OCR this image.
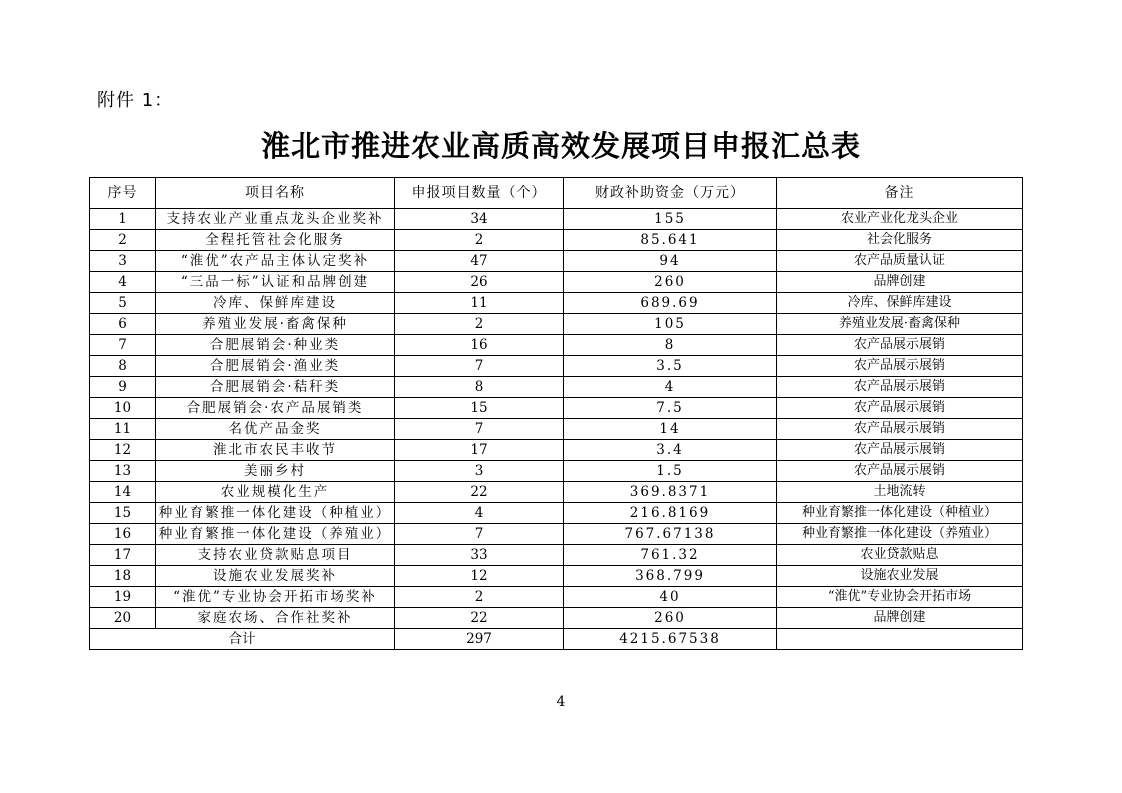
附件 1：
淮北市推进农业高质高效发展项目申报汇总表
序号	项目名称	申报项目数量（个）	财政补助资金（万元）	备注
1	支持农业产业重点龙头企业奖补	34	155	农业产业化龙头企业
2	全程托管社会化服务	2	85.641	社会化服务
3	“淮优”农产品主体认定奖补	47	94	农产品质量认证
4	“三品一标”认证和品牌创建	26	260	品牌创建
5	冷库、保鲜库建设	11	689.69	冷库、保鲜库建设
6	养殖业发展·畜禽保种	2	105	养殖业发展·畜禽保种
7	合肥展销会·种业类	16	8	农产品展示展销
8	合肥展销会·渔业类	7	3.5	农产品展示展销
9	合肥展销会·秸秆类	8	4	农产品展示展销
10	合肥展销会·农产品展销类	15	7.5	农产品展示展销
11	名优产品金奖	7	14	农产品展示展销
12	淮北市农民丰收节	17	3.4	农产品展示展销
13	美丽乡村	3	1.5	农产品展示展销
14	农业规模化生产	22	369.8371	土地流转
15	种业育繁推一体化建设（种植业）	4	216.8169	种业育繁推一体化建设（种植业）
16	种业育繁推一体化建设（养殖业）	7	767.67138	种业育繁推一体化建设（养殖业）
17	支持农业贷款贴息项目	33	761.32	农业贷款贴息
18	设施农业发展奖补	12	368.799	设施农业发展
19	“淮优”专业协会开拓市场奖补	2	40	“淮优”专业协会开拓市场
20	家庭农场、合作社奖补	22	260	品牌创建
合计		297	4215.67538	
4
